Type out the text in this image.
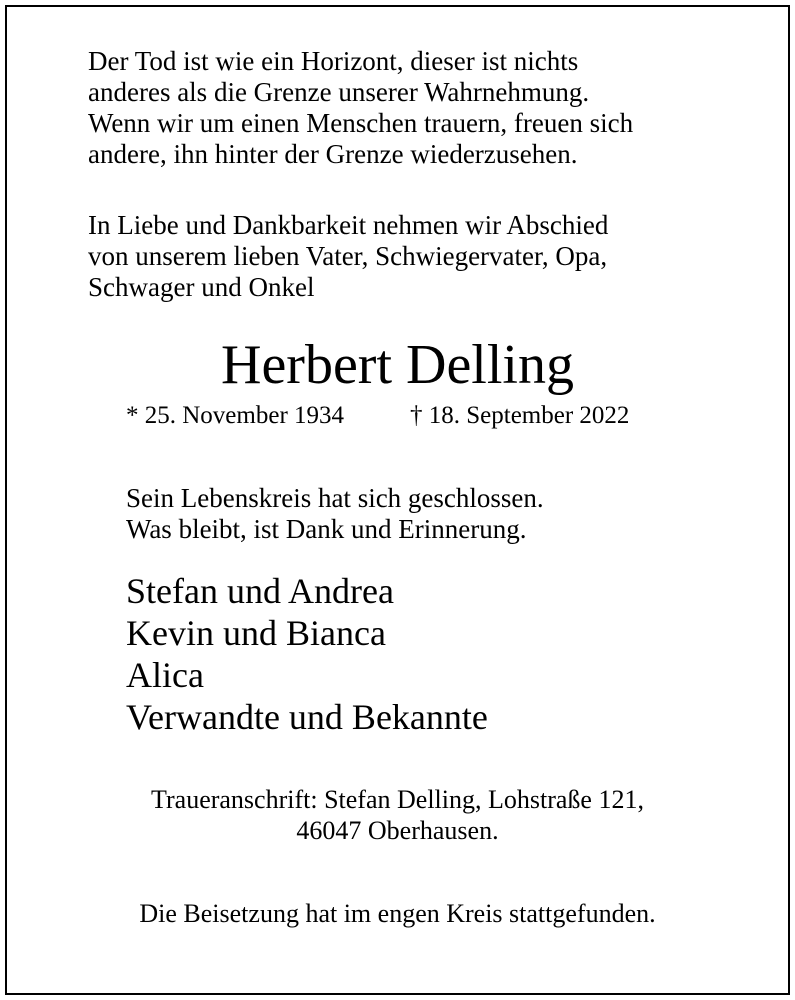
Der Tod ist wie ein Horizont, dieser ist nichts
anderes als die Grenze unserer Wahrnehmung.
Wenn wir um einen Menschen trauern, freuen sich
andere, ihn hinter der Grenze wiederzusehen.
In Liebe und Dankbarkeit nehmen wir Abschied
von unserem lieben Vater, Schwiegervater, Opa,
Schwager und Onkel
Herbert Delling
* 25. November 1934	† 18. September 2022
Sein Lebenskreis hat sich geschlossen.
Was bleibt, ist Dank und Erinnerung.
Stefan und Andrea
Kevin und Bianca
Alica
Verwandte und Bekannte
Traueranschrift: Stefan Delling, Lohstraße 121,
46047 Oberhausen.
Die Beisetzung hat im engen Kreis stattgefunden.
